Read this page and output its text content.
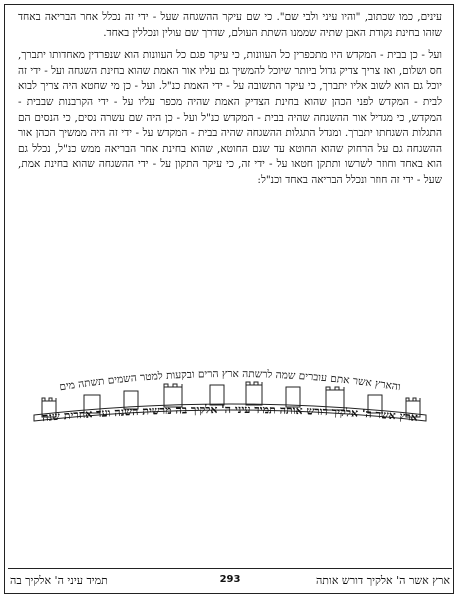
עינים, כמו שכתוב, "והיו עיני ולבי שם". כי שם עיקר ההשגחה שעל - ידי זה נכלל אחר הבריאה באחד שזהו בחינת נקודת האבן שתיה שממנו השתת העולם, שדרך שם עולין ונכללין באחד.

ועל - כן בבית - המקדש היו מתכפרין כל העוונות, כי עיקר פגם כל העוונות הוא שנפרדין מאחדותו יתברך, חס ושלום, ואז צריך צדיק גדול ביותר שיוכל להמשיך גם עליו אור האמת שהוא בחינת השגחה ועל - ידי זה יוכל גם הוא לשוב אליו יתברך, כי עיקר התשובה על - ידי האמת כנ"ל. ועל - כן מי שחטא היה צריך לבוא לבית - המקדש לפני הכהן שהוא בחינת הצדיק האמת שהיה מכפר עליו על - ידי הקרבנות שבבית - המקדש, כי מגדיל אור ההשגחה שהיה בבית - המקדש כנ"ל ועל - כן היה שם עשרה נסים, כי הנסים הם התגלות השגחתו יתברך. ומגדל התגלות ההשגחה שהיה בבית - המקדש על - ידי זה היה ממשיך הכהן אור ההשגחה גם על הרחוק שהוא החוטא עד שגם החוטא, שהוא בחינת אחר הבריאה ממש כנ"ל, נכלל גם הוא באחד וחוזר לשרשו ותתקן חטאו על - ידי זה, כי עיקר התקון על - ידי ההשגחה שהוא בחינת אמת, שעל - ידי זה חוזר ונכלל הבריאה באחד וכנ"ל:

והארץ אשר אתם עוברים שמה לרשתה ארץ הרים ובקעות למטר השמים תשתה מים
ארץ אשר ה' אלקיך דורש אותה תמיד עיני ה' אלקיך בה מרשית השנה ועד אחרית שנה
ארץ אשר ה' אלקיך דורש אותה
293
תמיד עיני ה' אלקיך בה
